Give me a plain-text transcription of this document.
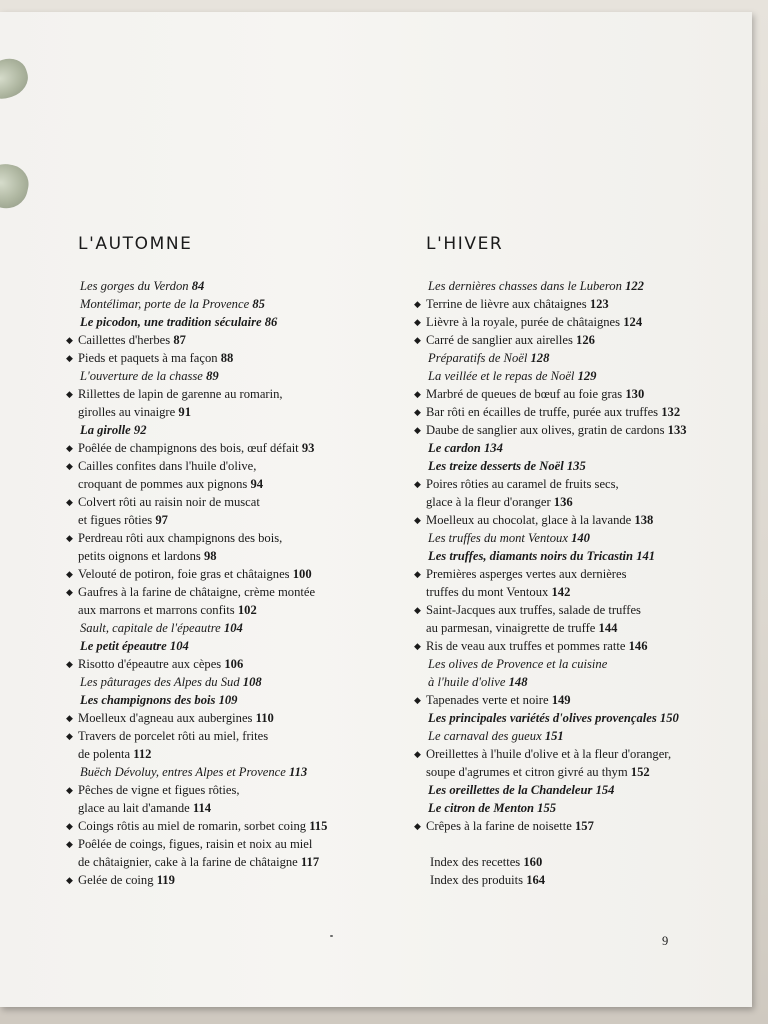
L'AUTOMNE
Les gorges du Verdon 84
Montélimar, porte de la Provence 85
Le picodon, une tradition séculaire 86
◆ Caillettes d'herbes 87
◆ Pieds et paquets à ma façon 88
L'ouverture de la chasse 89
◆ Rillettes de lapin de garenne au romarin,
girolles au vinaigre 91
La girolle 92
◆ Poêlée de champignons des bois, œuf défait 93
◆ Cailles confites dans l'huile d'olive,
croquant de pommes aux pignons 94
◆ Colvert rôti au raisin noir de muscat
et figues rôties 97
◆ Perdreau rôti aux champignons des bois,
petits oignons et lardons 98
◆ Velouté de potiron, foie gras et châtaignes 100
◆ Gaufres à la farine de châtaigne, crème montée
aux marrons et marrons confits 102
Sault, capitale de l'épeautre 104
Le petit épeautre 104
◆ Risotto d'épeautre aux cèpes 106
Les pâturages des Alpes du Sud 108
Les champignons des bois 109
◆ Moelleux d'agneau aux aubergines 110
◆ Travers de porcelet rôti au miel, frites
de polenta 112
Buëch Dévoluy, entres Alpes et Provence 113
◆ Pêches de vigne et figues rôties,
glace au lait d'amande 114
◆ Coings rôtis au miel de romarin, sorbet coing 115
◆ Poêlée de coings, figues, raisin et noix au miel
de châtaignier, cake à la farine de châtaigne 117
◆ Gelée de coing 119
L'HIVER
Les dernières chasses dans le Luberon 122
◆ Terrine de lièvre aux châtaignes 123
◆ Lièvre à la royale, purée de châtaignes 124
◆ Carré de sanglier aux airelles 126
Préparatifs de Noël 128
La veillée et le repas de Noël 129
◆ Marbré de queues de bœuf au foie gras 130
◆ Bar rôti en écailles de truffe, purée aux truffes 132
◆ Daube de sanglier aux olives, gratin de cardons 133
Le cardon 134
Les treize desserts de Noël 135
◆ Poires rôties au caramel de fruits secs,
glace à la fleur d'oranger 136
◆ Moelleux au chocolat, glace à la lavande 138
Les truffes du mont Ventoux 140
Les truffes, diamants noirs du Tricastin 141
◆ Premières asperges vertes aux dernières
truffes du mont Ventoux 142
◆ Saint-Jacques aux truffes, salade de truffes
au parmesan, vinaigrette de truffe 144
◆ Ris de veau aux truffes et pommes ratte 146
Les olives de Provence et la cuisine
à l'huile d'olive 148
◆ Tapenades verte et noire 149
Les principales variétés d'olives provençales 150
Le carnaval des gueux 151
◆ Oreillettes à l'huile d'olive et à la fleur d'oranger,
soupe d'agrumes et citron givré au thym 152
Les oreillettes de la Chandeleur 154
Le citron de Menton 155
◆ Crêpes à la farine de noisette 157
Index des recettes 160
Index des produits 164
9
